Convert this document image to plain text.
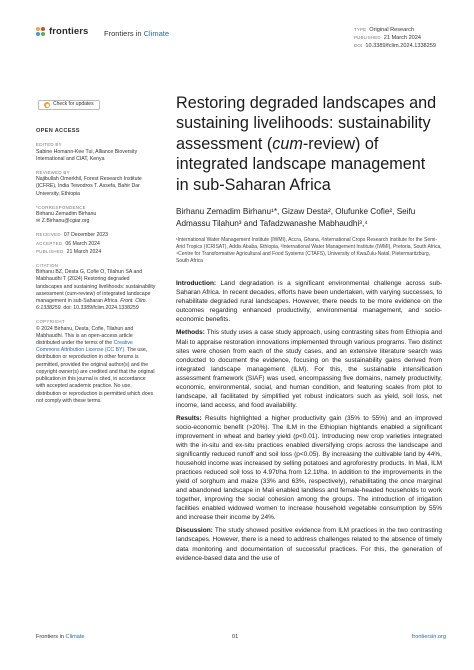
frontiers Frontiers in Climate	TYPE Original Research
PUBLISHED 21 March 2024
DOI 10.3389/fclim.2024.1338259
Check for updates
OPEN ACCESS
EDITED BY
Sabine Homann-Kee Tui, Alliance Bioversity International and CIAT, Kenya
REVIEWED BY
Najibullah Omerkhil, Forest Research Institute (ICFRE), India Tewodros T. Assefa, Bahir Dar University, Ethiopia
*CORRESPONDENCE
Birhanu Zemadim Birhanu
✉ Z.Birhanu@cgiar.org
RECEIVED 07 December 2023
ACCEPTED 06 March 2024
PUBLISHED 21 March 2024
CITATION
Birhanu BZ, Desta G, Cofie O, Tilahun SA and Mabhaudhi T (2024) Restoring degraded landscapes and sustaining livelihoods: sustainability assessment (cum-review) of integrated landscape management in sub-Saharan Africa. Front. Clim. 6:1338259. doi: 10.3389/fclim.2024.1338259
COPYRIGHT
© 2024 Birhanu, Desta, Cofie, Tilahun and Mabhaudhi. This is an open-access article distributed under the terms of the Creative Commons Attribution License (CC BY). The use, distribution or reproduction in other forums is permitted, provided the original author(s) and the copyright owner(s) are credited and that the original publication in this journal is cited, in accordance with accepted academic practice. No use, distribution or reproduction is permitted which does not comply with these terms.
Restoring degraded landscapes and sustaining livelihoods: sustainability assessment (cum-review) of integrated landscape management in sub-Saharan Africa
Birhanu Zemadim Birhanu¹*, Gizaw Desta², Olufunke Cofie², Seifu Admassu Tilahun³ and Tafadzwanashe Mabhaudhi³,⁴
¹International Water Management Institute (IWMI), Accra, Ghana, ²International Crops Research Institute for the Semi-Arid Tropics (ICRISAT), Addis Ababa, Ethiopia, ³International Water Management Institute (IWMI), Pretoria, South Africa, ⁴Centre for Transformative Agricultural and Food Systems (CTAFS), University of KwaZulu-Natal, Pietermaritzburg, South Africa

Introduction: Land degradation is a significant environmental challenge across sub-Saharan Africa. In recent decades, efforts have been undertaken, with varying successes, to rehabilitate degraded rural landscapes. However, there needs to be more evidence on the outcomes regarding enhanced productivity, environmental management, and socio-economic benefits.

Methods: This study uses a case study approach, using contrasting sites from Ethiopia and Mali to appraise restoration innovations implemented through various programs. Two distinct sites were chosen from each of the study cases, and an extensive literature search was conducted to document the evidence, focusing on the sustainability gains derived from integrated landscape management (ILM). For this, the sustainable intensification assessment framework (SIAF) was used, encompassing five domains, namely productivity, economic, environmental, social, and human condition, and featuring scales from plot to landscape, all facilitated by simplified yet robust indicators such as yield, soil loss, net income, land access, and food availability.

Results: Results highlighted a higher productivity gain (35% to 55%) and an improved socio-economic benefit (>20%). The ILM in the Ethiopian highlands enabled a significant improvement in wheat and barley yield (p<0.01). Introducing new crop varieties integrated with the in-situ and ex-situ practices enabled diversifying crops across the landscape and significantly reduced runoff and soil loss (p<0.05). By increasing the cultivable land by 44%, household income was increased by selling potatoes and agroforestry products. In Mali, ILM practices reduced soil loss to 4.97t/ha from 12.1t/ha. In addition to the improvements in the yield of sorghum and maize (33% and 63%, respectively), rehabilitating the once marginal and abandoned landscape in Mali enabled landless and female-headed households to work together, improving the social cohesion among the groups. The introduction of irrigation facilities enabled widowed women to increase household vegetable consumption by 55% and increase their income by 24%.

Discussion: The study showed positive evidence from ILM practices in the two contrasting landscapes. However, there is a need to address challenges related to the absence of timely data monitoring and documentation of successful practices. For this, the generation of evidence-based data and the use of

Frontiers in Climate	01	frontiersin.org
